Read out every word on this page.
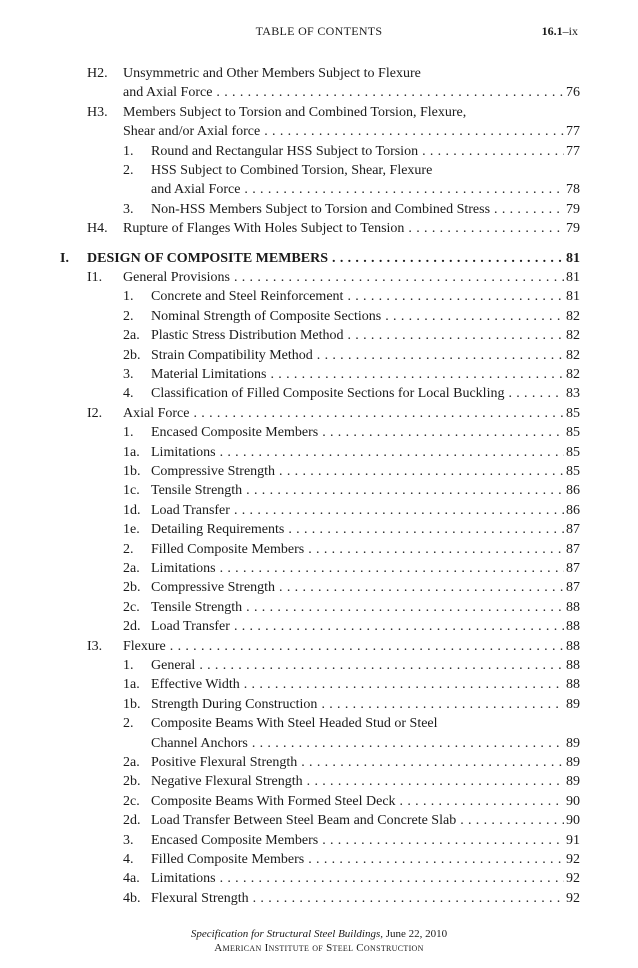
TABLE OF CONTENTS	16.1–ix
H2. Unsymmetric and Other Members Subject to Flexure
and Axial Force . . .	76
H3. Members Subject to Torsion and Combined Torsion, Flexure,
Shear and/or Axial force . . .	77
1. Round and Rectangular HSS Subject to Torsion . . .	77
2. HSS Subject to Combined Torsion, Shear, Flexure
and Axial Force . . .	78
3. Non-HSS Members Subject to Torsion and Combined Stress . . .	79
H4. Rupture of Flanges With Holes Subject to Tension . . .	79
I. DESIGN OF COMPOSITE MEMBERS . . .	81
I1. General Provisions . . .	81
1. Concrete and Steel Reinforcement . . .	81
2. Nominal Strength of Composite Sections . . .	82
2a. Plastic Stress Distribution Method . . .	82
2b. Strain Compatibility Method . . .	82
3. Material Limitations . . .	82
4. Classification of Filled Composite Sections for Local Buckling . . .	83
I2. Axial Force . . .	85
1. Encased Composite Members . . .	85
1a. Limitations . . .	85
1b. Compressive Strength . . .	85
1c. Tensile Strength . . .	86
1d. Load Transfer . . .	86
1e. Detailing Requirements . . .	87
2. Filled Composite Members . . .	87
2a. Limitations . . .	87
2b. Compressive Strength . . .	87
2c. Tensile Strength . . .	88
2d. Load Transfer . . .	88
I3. Flexure . . .	88
1. General . . .	88
1a. Effective Width . . .	88
1b. Strength During Construction . . .	89
2. Composite Beams With Steel Headed Stud or Steel
Channel Anchors . . .	89
2a. Positive Flexural Strength . . .	89
2b. Negative Flexural Strength . . .	89
2c. Composite Beams With Formed Steel Deck . . .	90
2d. Load Transfer Between Steel Beam and Concrete Slab . . .	90
3. Encased Composite Members . . .	91
4. Filled Composite Members . . .	92
4a. Limitations . . .	92
4b. Flexural Strength . . .	92
Specification for Structural Steel Buildings, June 22, 2010
American Institute of Steel Construction
